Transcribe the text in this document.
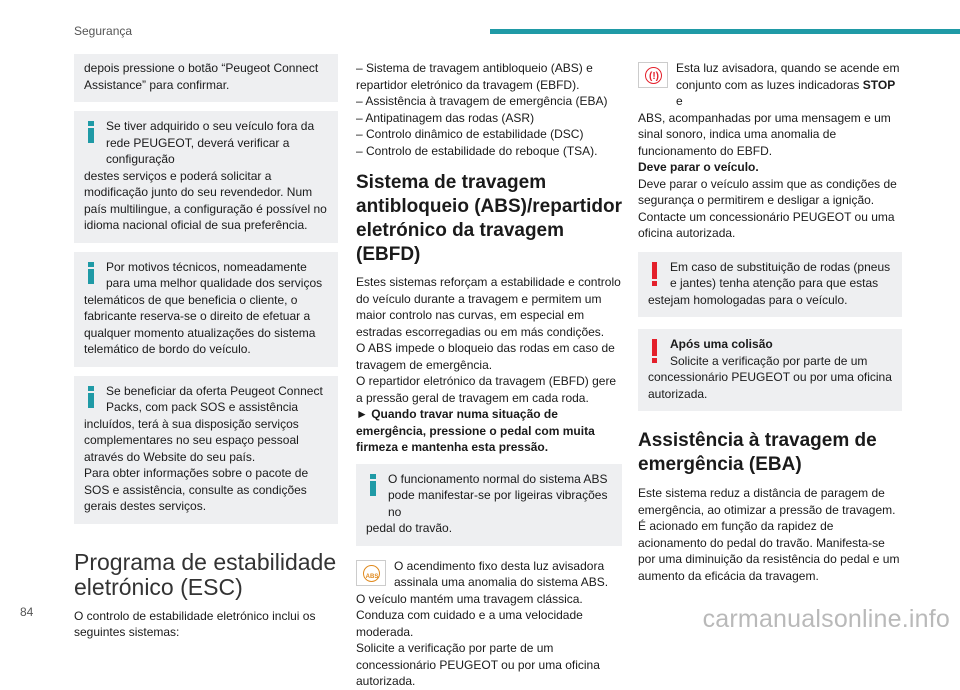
Segurança
depois pressione o botão “Peugeot Connect Assistance” para confirmar.
Se tiver adquirido o seu veículo fora da rede PEUGEOT, deverá verificar a configuração
destes serviços e poderá solicitar a modificação junto do seu revendedor. Num país multilingue, a configuração é possível no idioma nacional oficial de sua preferência.
Por motivos técnicos, nomeadamente para uma melhor qualidade dos serviços
telemáticos de que beneficia o cliente, o fabricante reserva-se o direito de efetuar a qualquer momento atualizações do sistema telemático de bordo do veículo.
Se beneficiar da oferta Peugeot Connect Packs, com pack SOS e assistência
incluídos, terá à sua disposição serviços complementares no seu espaço pessoal através do Website do seu país.
Para obter informações sobre o pacote de SOS e assistência, consulte as condições gerais destes serviços.
Programa de estabilidade eletrónico (ESC)
O controlo de estabilidade eletrónico inclui os seguintes sistemas:
– Sistema de travagem antibloqueio (ABS) e repartidor eletrónico da travagem (EBFD).
– Assistência à travagem de emergência (EBA)
– Antipatinagem das rodas (ASR)
– Controlo dinâmico de estabilidade (DSC)
– Controlo de estabilidade do reboque (TSA).
Sistema de travagem antibloqueio (ABS)/repartidor eletrónico da travagem (EBFD)
Estes sistemas reforçam a estabilidade e controlo do veículo durante a travagem e permitem um maior controlo nas curvas, em especial em estradas escorregadias ou em más condições.
O ABS impede o bloqueio das rodas em caso de travagem de emergência.
O repartidor eletrónico da travagem (EBFD) gere a pressão geral de travagem em cada roda.
► Quando travar numa situação de emergência, pressione o pedal com muita firmeza e mantenha esta pressão.
O funcionamento normal do sistema ABS pode manifestar-se por ligeiras vibrações no
pedal do travão.
ABS
O acendimento fixo desta luz avisadora assinala uma anomalia do sistema ABS.
O veículo mantém uma travagem clássica. Conduza com cuidado e a uma velocidade moderada.
Solicite a verificação por parte de um concessionário PEUGEOT ou por uma oficina autorizada.
(!)
Esta luz avisadora, quando se acende em conjunto com as luzes indicadoras STOP e
ABS, acompanhadas por uma mensagem e um sinal sonoro, indica uma anomalia de funcionamento do EBFD.
Deve parar o veículo.
Deve parar o veículo assim que as condições de segurança o permitirem e desligar a ignição.
Contacte um concessionário PEUGEOT ou uma oficina autorizada.
Em caso de substituição de rodas (pneus e jantes) tenha atenção para que estas
estejam homologadas para o veículo.
Após uma colisão
Solicite a verificação por parte de um
concessionário PEUGEOT ou por uma oficina autorizada.
Assistência à travagem de emergência (EBA)
Este sistema reduz a distância de paragem de emergência, ao otimizar a pressão de travagem.
É acionado em função da rapidez de acionamento do pedal do travão. Manifesta-se por uma diminuição da resistência do pedal e um aumento da eficácia da travagem.
84	carmanualsonline.info
